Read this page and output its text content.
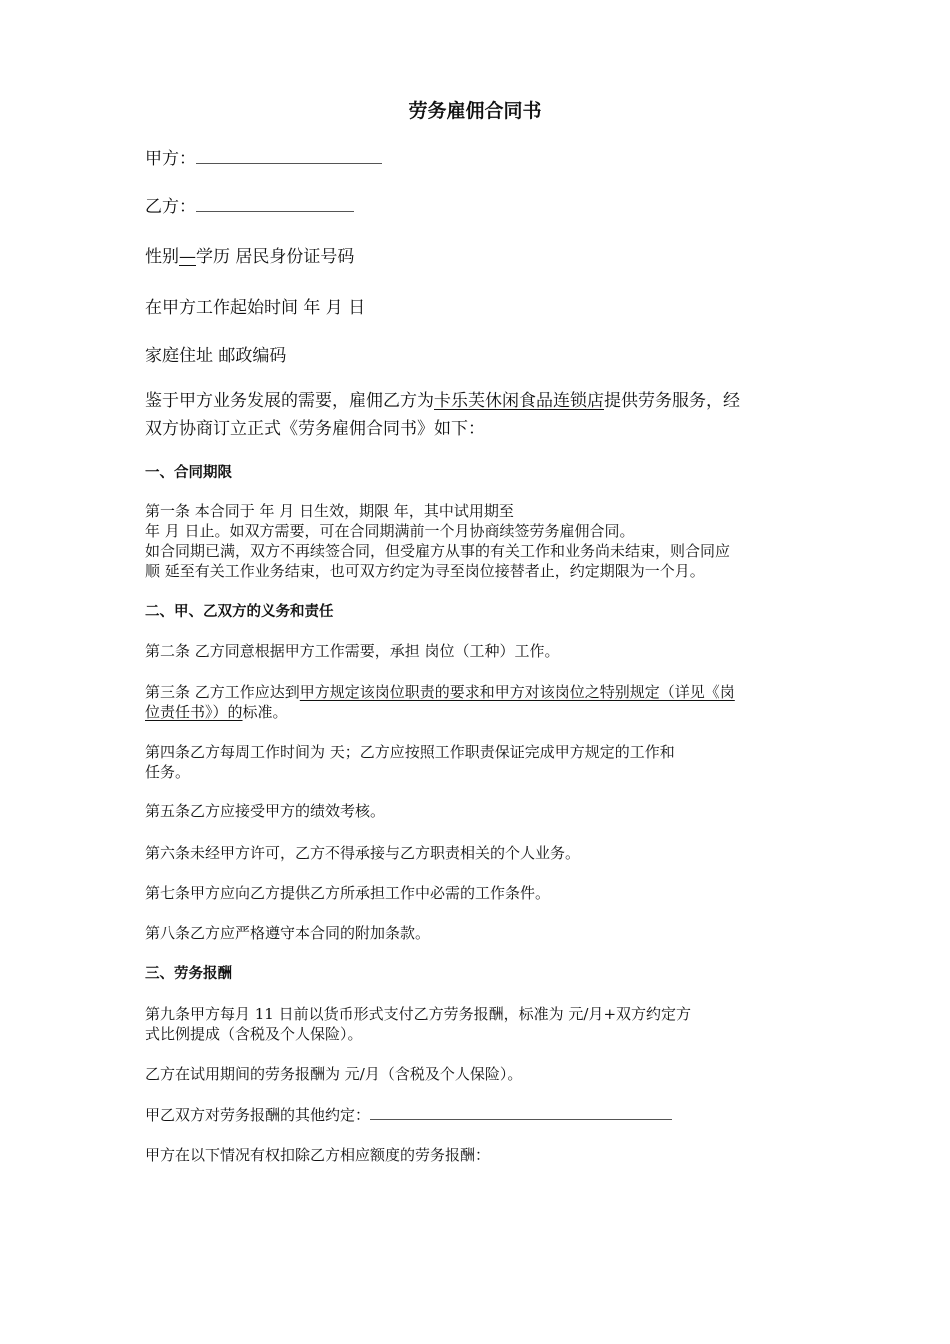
劳务雇佣合同书
甲方：
乙方：
性别—学历 居民身份证号码
在甲方工作起始时间 年 月 日
家庭住址 邮政编码
鉴于甲方业务发展的需要，雇佣乙方为卡乐芙休闲食品连锁店提供劳务服务，经
双方协商订立正式《劳务雇佣合同书》如下：
一、合同期限
第一条 本合同于 年 月 日生效，期限 年，其中试用期至
年 月 日止。如双方需要，可在合同期满前一个月协商续签劳务雇佣合同。
如合同期已满，双方不再续签合同，但受雇方从事的有关工作和业务尚未结束，则合同应
顺 延至有关工作业务结束，也可双方约定为寻至岗位接替者止，约定期限为一个月。
二、甲、乙双方的义务和责任
第二条 乙方同意根据甲方工作需要，承担 岗位（工种）工作。
第三条 乙方工作应达到甲方规定该岗位职责的要求和甲方对该岗位之特别规定（详见《岗
位责任书》）的标准。
第四条乙方每周工作时间为 天；乙方应按照工作职责保证完成甲方规定的工作和
任务。
第五条乙方应接受甲方的绩效考核。
第六条未经甲方许可，乙方不得承接与乙方职责相关的个人业务。
第七条甲方应向乙方提供乙方所承担工作中必需的工作条件。
第八条乙方应严格遵守本合同的附加条款。
三、劳务报酬
第九条甲方每月 11 日前以货币形式支付乙方劳务报酬，标准为 元/月+双方约定方
式比例提成（含税及个人保险）。
乙方在试用期间的劳务报酬为 元/月（含税及个人保险）。
甲乙双方对劳务报酬的其他约定：
甲方在以下情况有权扣除乙方相应额度的劳务报酬：
